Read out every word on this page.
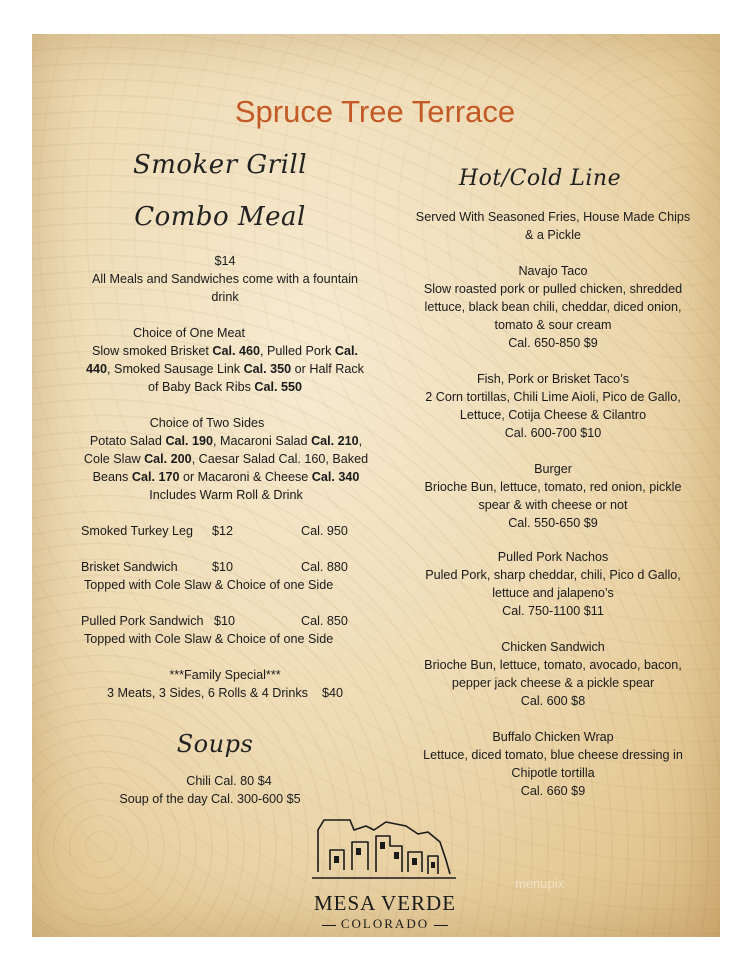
Spruce Tree Terrace
Smoker Grill
Combo Meal
$14
All Meals and Sandwiches come with a fountain
drink
Choice of One Meat
Slow smoked Brisket Cal. 460, Pulled Pork Cal.
440, Smoked Sausage Link Cal. 350 or Half Rack
of Baby Back Ribs Cal. 550
Choice of Two Sides
Potato Salad Cal. 190, Macaroni Salad Cal. 210,
Cole Slaw Cal. 200, Caesar Salad Cal. 160, Baked
Beans Cal. 170 or Macaroni & Cheese Cal. 340
Includes Warm Roll & Drink
Smoked Turkey Leg $12	Cal. 950
Brisket Sandwich	$10	Cal. 880
Topped with Cole Slaw & Choice of one Side
Pulled Pork Sandwich $10	Cal. 850
Topped with Cole Slaw & Choice of one Side
***Family Special***
3 Meats, 3 Sides, 6 Rolls & 4 Drinks $40
Soups
Chili Cal. 80 $4
Soup of the day Cal. 300-600 $5
Hot/Cold Line
Served With Seasoned Fries, House Made Chips
& a Pickle
Navajo Taco
Slow roasted pork or pulled chicken, shredded
lettuce, black bean chili, cheddar, diced onion,
tomato & sour cream
Cal. 650-850 $9
Fish, Pork or Brisket Taco’s
2 Corn tortillas, Chili Lime Aioli, Pico de Gallo,
Lettuce, Cotija Cheese & Cilantro
Cal. 600-700 $10
Burger
Brioche Bun, lettuce, tomato, red onion, pickle
spear & with cheese or not
Cal. 550-650 $9
Pulled Pork Nachos
Puled Pork, sharp cheddar, chili, Pico d Gallo,
lettuce and jalapeno’s
Cal. 750-1100 $11
Chicken Sandwich
Brioche Bun, lettuce, tomato, avocado, bacon,
pepper jack cheese & a pickle spear
Cal. 600 $8
Buffalo Chicken Wrap
Lettuce, diced tomato, blue cheese dressing in
Chipotle tortilla
Cal. 660 $9
MESA VERDE
COLORADO
menupix
